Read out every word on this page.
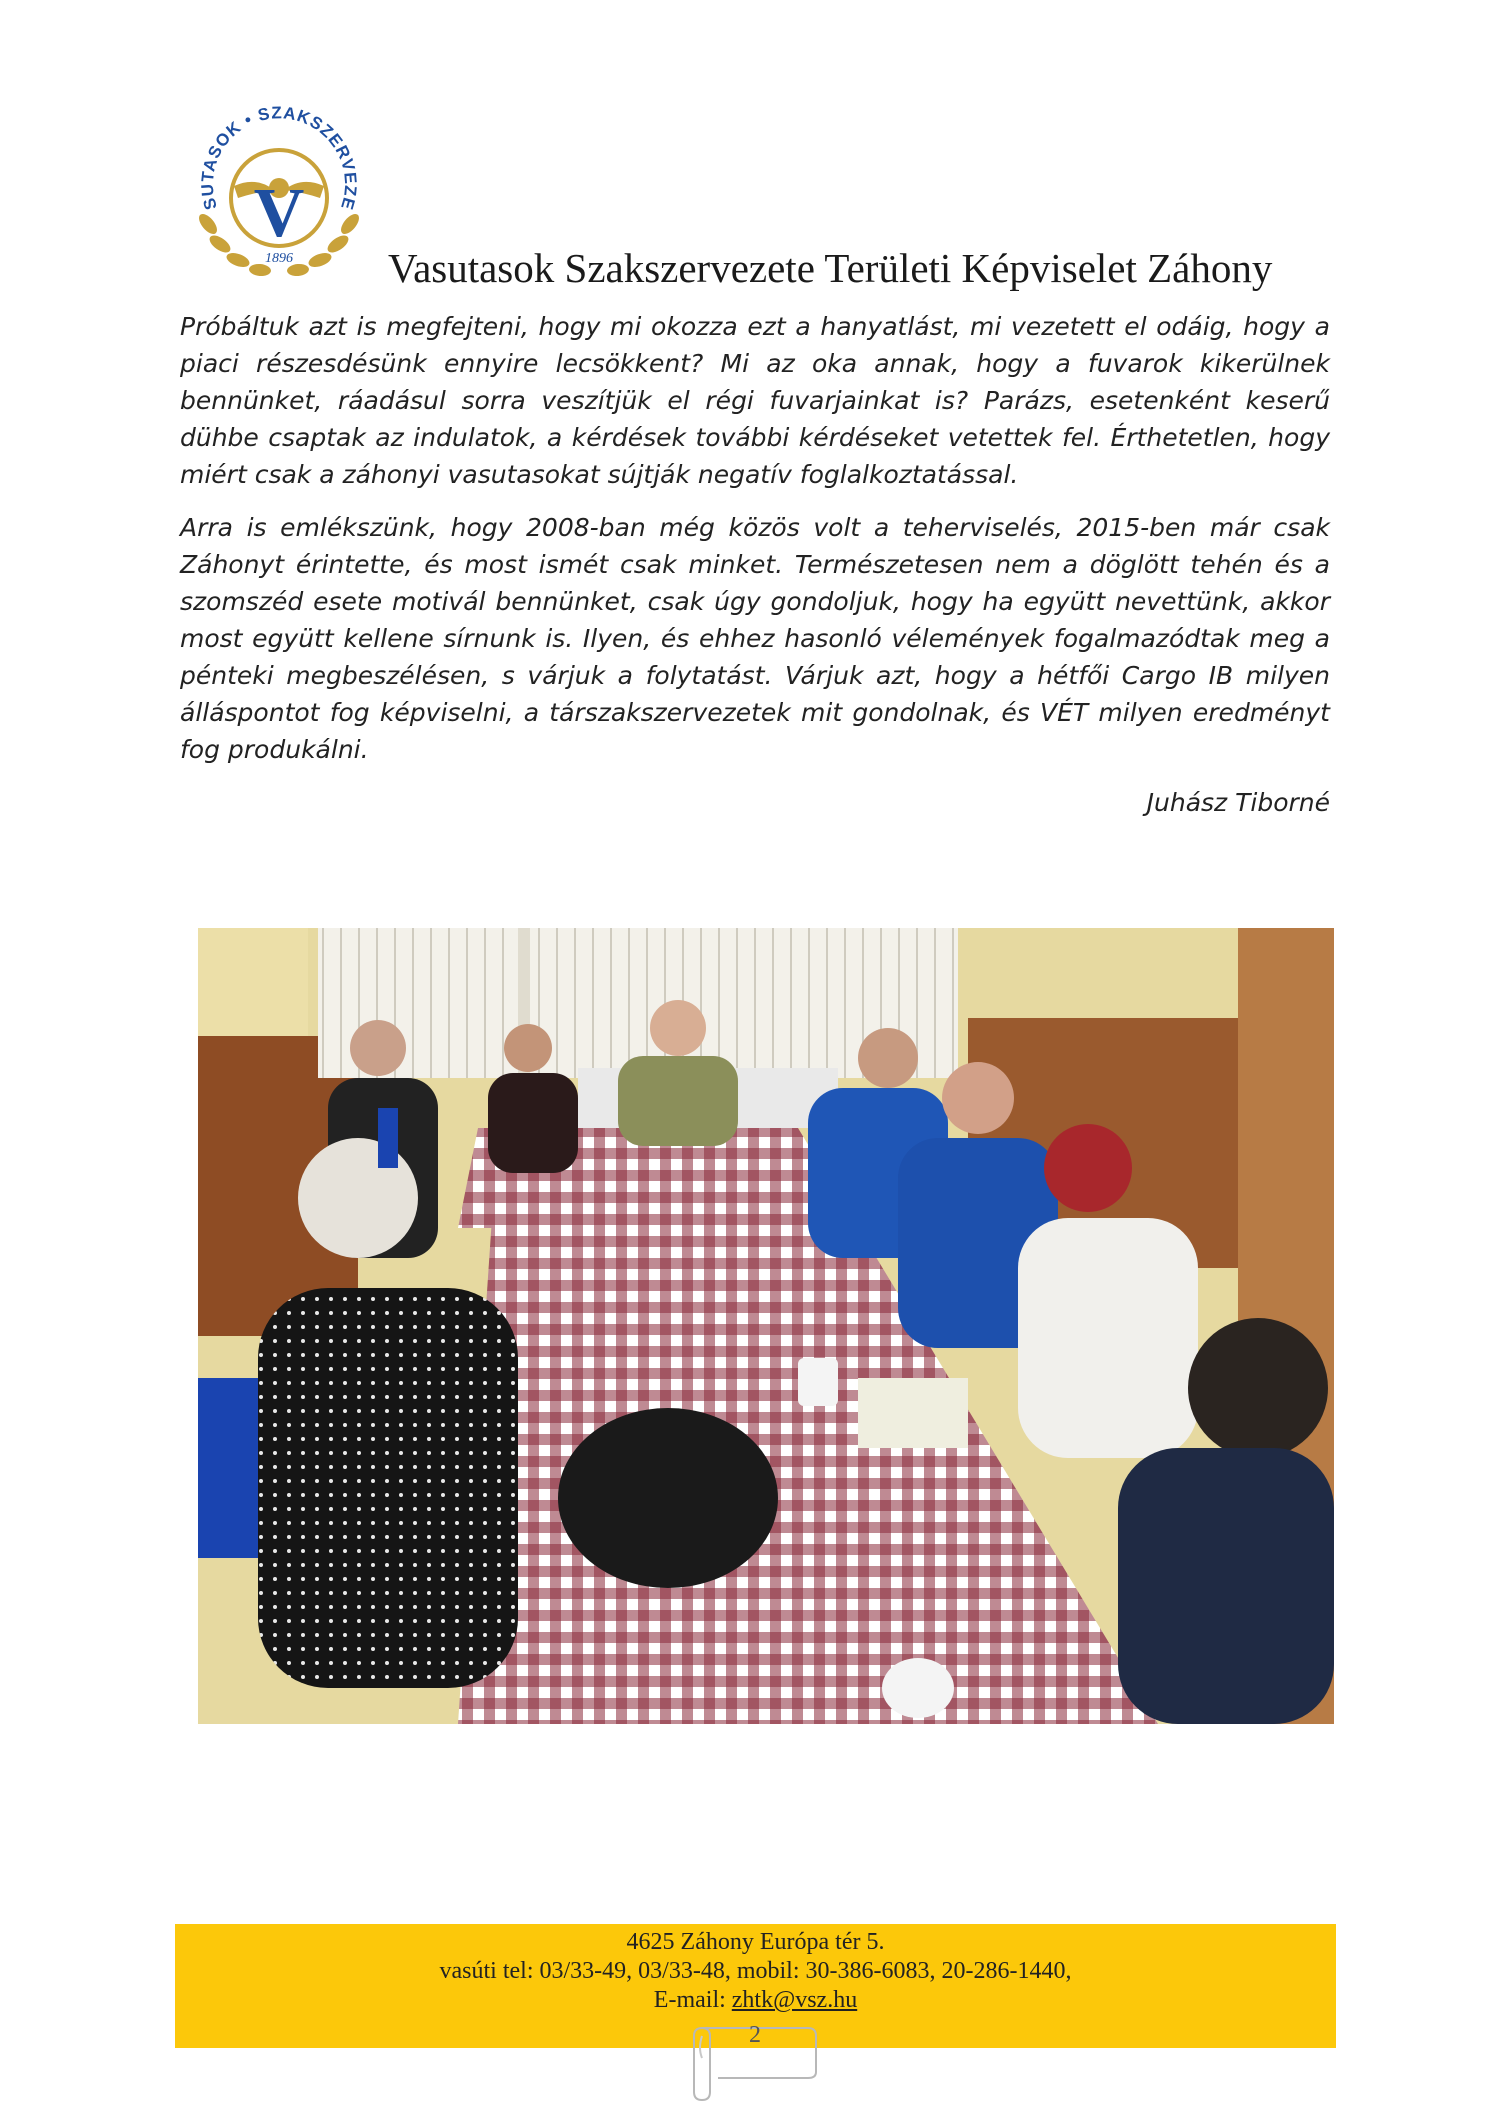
SUTASOK • SZAKSZERVEZE
V
1896 Vasutasok Szakszervezete Területi Képviselet Záhony

Próbáltuk azt is megfejteni, hogy mi okozza ezt a hanyatlást, mi vezetett el odáig, hogy a piaci részesdésünk ennyire lecsökkent? Mi az oka annak, hogy a fuvarok kikerülnek bennünket, ráadásul sorra veszítjük el régi fuvarjainkat is? Parázs, esetenként keserű dühbe csaptak az indulatok, a kérdések további kérdéseket vetettek fel. Érthetetlen, hogy miért csak a záhonyi vasutasokat sújtják negatív foglalkoztatással.

Arra is emlékszünk, hogy 2008-ban még közös volt a teherviselés, 2015-ben már csak Záhonyt érintette, és most ismét csak minket. Természetesen nem a döglött tehén és a szomszéd esete motivál bennünket, csak úgy gondoljuk, hogy ha együtt nevettünk, akkor most együtt kellene sírnunk is. Ilyen, és ehhez hasonló vélemények fogalmazódtak meg a pénteki megbeszélésen, s várjuk a folytatást. Várjuk azt, hogy a hétfői Cargo IB milyen álláspontot fog képviselni, a társzakszervezetek mit gondolnak, és VÉT milyen eredményt fog produkálni.

Juhász Tiborné
4625 Záhony Európa tér 5.
vasúti tel: 03/33-49, 03/33-48, mobil: 30-386-6083, 20-286-1440,
E-mail: zhtk@vsz.hu
2
